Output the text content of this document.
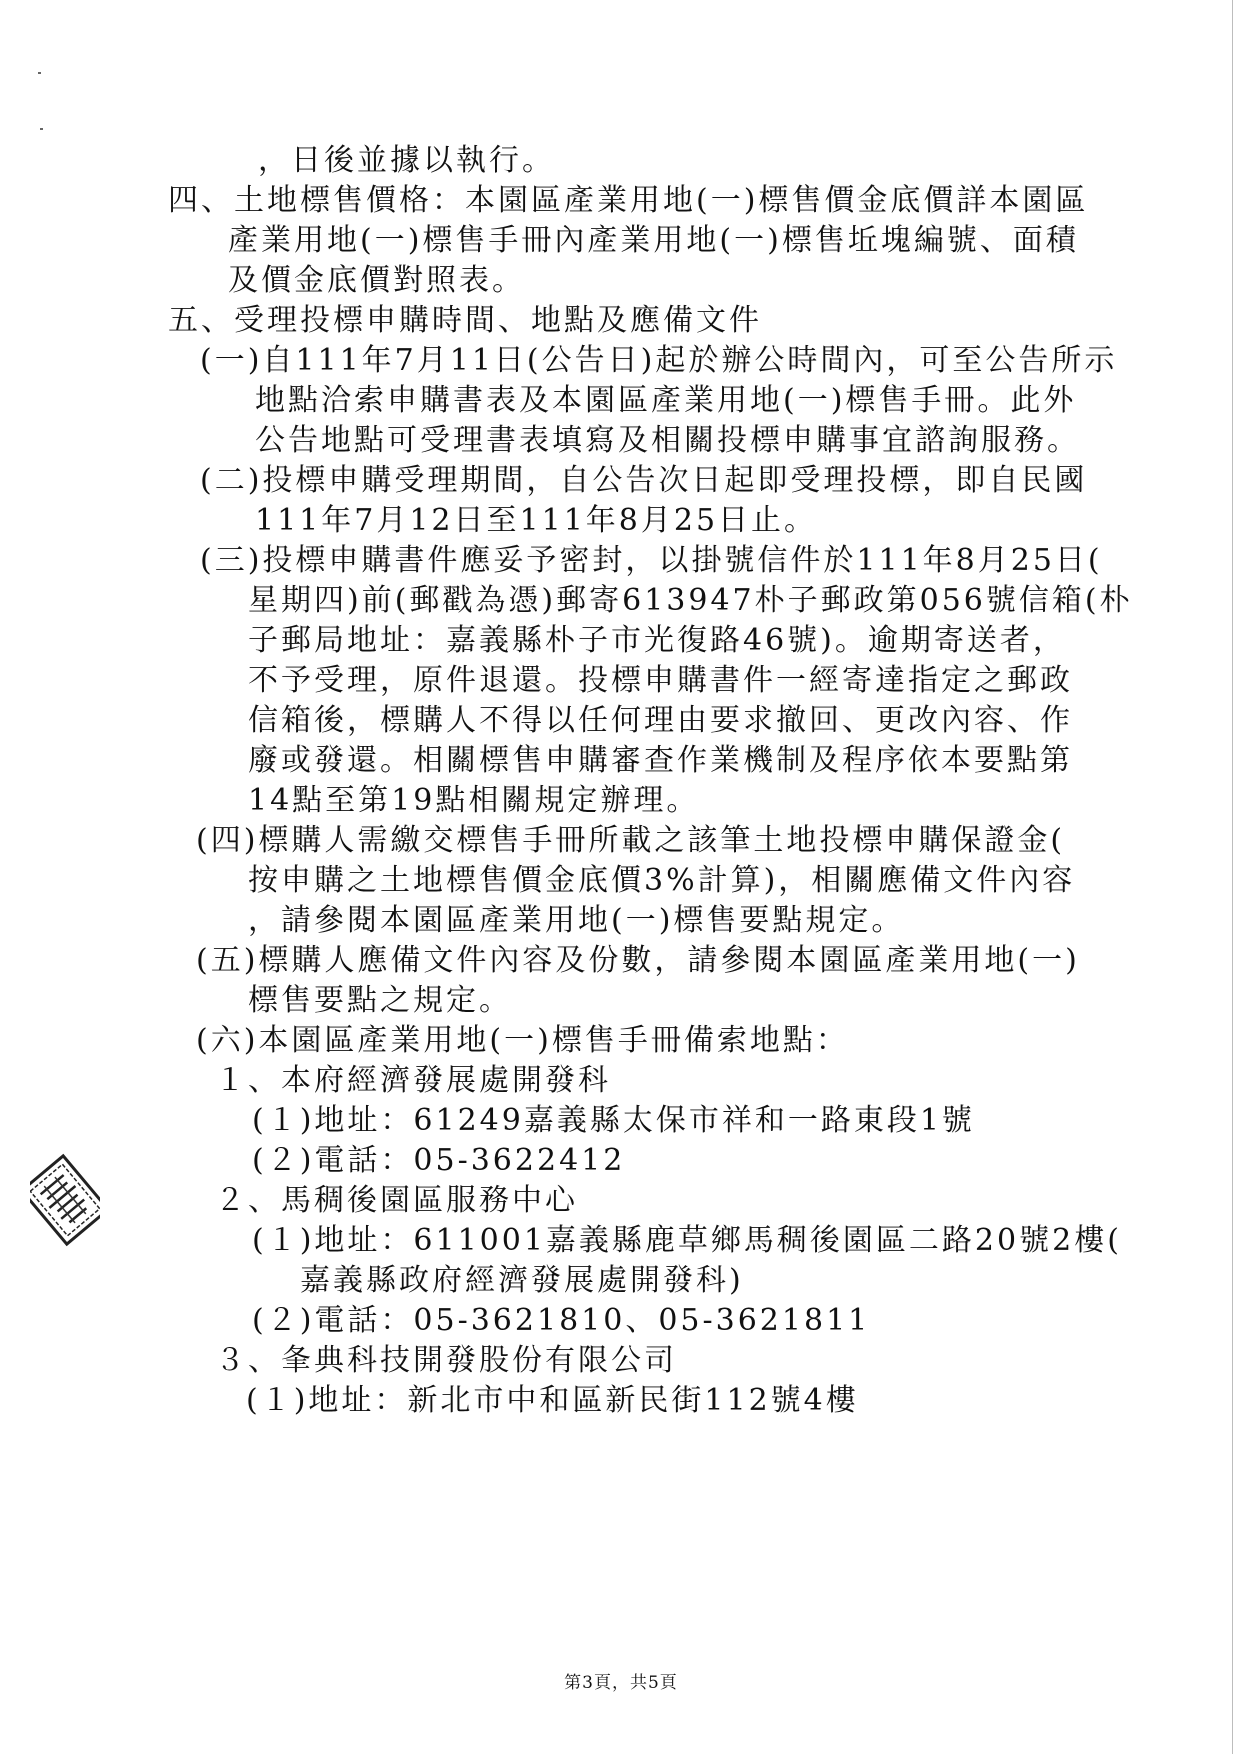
，日後並據以執行。
四、土地標售價格：本園區產業用地(一)標售價金底價詳本園區
產業用地(一)標售手冊內產業用地(一)標售坵塊編號、面積
及價金底價對照表。
五、受理投標申購時間、地點及應備文件
(一)自111年7月11日(公告日)起於辦公時間內，可至公告所示
地點洽索申購書表及本園區產業用地(一)標售手冊。此外
公告地點可受理書表填寫及相關投標申購事宜諮詢服務。
(二)投標申購受理期間，自公告次日起即受理投標，即自民國
111年7月12日至111年8月25日止。
(三)投標申購書件應妥予密封，以掛號信件於111年8月25日(
星期四)前(郵戳為憑)郵寄613947朴子郵政第056號信箱(朴
子郵局地址：嘉義縣朴子市光復路46號)。逾期寄送者，
不予受理，原件退還。投標申購書件一經寄達指定之郵政
信箱後，標購人不得以任何理由要求撤回、更改內容、作
廢或發還。相關標售申購審查作業機制及程序依本要點第
14點至第19點相關規定辦理。
(四)標購人需繳交標售手冊所載之該筆土地投標申購保證金(
按申購之土地標售價金底價3%計算)，相關應備文件內容
，請參閱本園區產業用地(一)標售要點規定。
(五)標購人應備文件內容及份數，請參閱本園區產業用地(一)
標售要點之規定。
(六)本園區產業用地(一)標售手冊備索地點：
１、本府經濟發展處開發科
(１)地址：61249嘉義縣太保市祥和一路東段1號
(２)電話：05-3622412
２、馬稠後園區服務中心
(１)地址：611001嘉義縣鹿草鄉馬稠後園區二路20號2樓(
嘉義縣政府經濟發展處開發科)
(２)電話：05-3621810、05-3621811
３、夆典科技開發股份有限公司
(１)地址：新北市中和區新民街112號4樓
第3頁，共5頁
